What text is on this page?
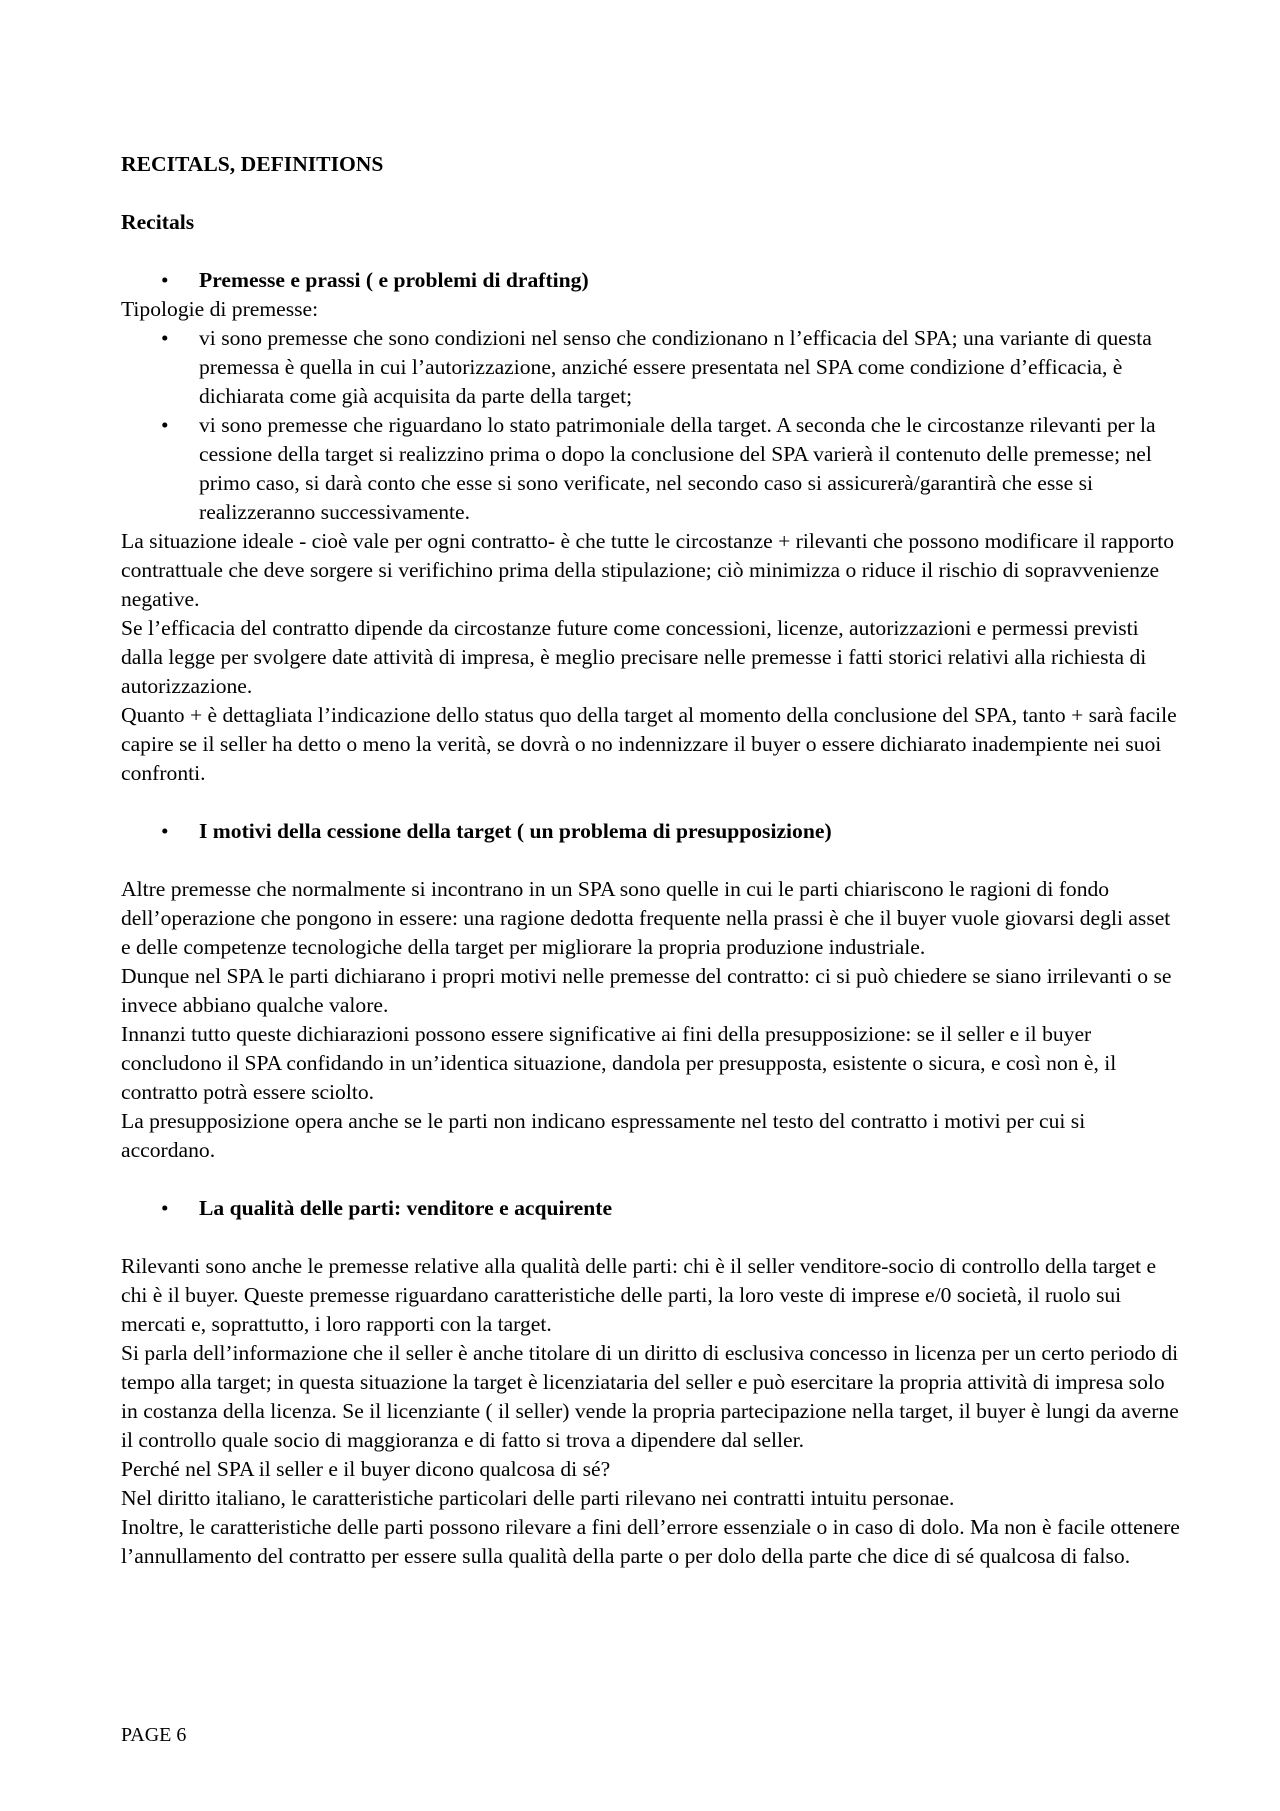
RECITALS, DEFINITIONS

Recitals

• Premesse e prassi ( e problemi di drafting)

Tipologie di premesse:

• vi sono premesse che sono condizioni nel senso che condizionano n l’efficacia del SPA; una variante di questa premessa è quella in cui l’autorizzazione, anziché essere presentata nel SPA come condizione d’efficacia, è dichiarata come già acquisita da parte della target;
• vi sono premesse che riguardano lo stato patrimoniale della target. A seconda che le circostanze rilevanti per la cessione della target si realizzino prima o dopo la conclusione del SPA varierà il contenuto delle premesse; nel primo caso, si darà conto che esse si sono verificate, nel secondo caso si assicurerà/garantirà che esse si realizzeranno successivamente.

La situazione ideale - cioè vale per ogni contratto- è che tutte le circostanze + rilevanti che possono modificare il rapporto contrattuale che deve sorgere si verifichino prima della stipulazione; ciò minimizza o riduce il rischio di sopravvenienze negative.

Se l’efficacia del contratto dipende da circostanze future come concessioni, licenze, autorizzazioni e permessi previsti dalla legge per svolgere date attività di impresa, è meglio precisare nelle premesse i fatti storici relativi alla richiesta di autorizzazione.

Quanto + è dettagliata l’indicazione dello status quo della target al momento della conclusione del SPA, tanto + sarà facile capire se il seller ha detto o meno la verità, se dovrà o no indennizzare il buyer o essere dichiarato inadempiente nei suoi confronti.

• I motivi della cessione della target ( un problema di presupposizione)

Altre premesse che normalmente si incontrano in un SPA sono quelle in cui le parti chiariscono le ragioni di fondo dell’operazione che pongono in essere: una ragione dedotta frequente nella prassi è che il buyer vuole giovarsi degli asset e delle competenze tecnologiche della target per migliorare la propria produzione industriale.

Dunque nel SPA le parti dichiarano i propri motivi nelle premesse del contratto: ci si può chiedere se siano irrilevanti o se invece abbiano qualche valore.

Innanzi tutto queste dichiarazioni possono essere significative ai fini della presupposizione: se il seller e il buyer concludono il SPA confidando in un’identica situazione, dandola per presupposta, esistente o sicura, e così non è, il contratto potrà essere sciolto.

La presupposizione opera anche se le parti non indicano espressamente nel testo del contratto i motivi per cui si accordano.

• La qualità delle parti: venditore e acquirente

Rilevanti sono anche le premesse relative alla qualità delle parti: chi è il seller venditore-socio di controllo della target e chi è il buyer. Queste premesse riguardano caratteristiche delle parti, la loro veste di imprese e/0 società, il ruolo sui mercati e, soprattutto, i loro rapporti con la target.

Si parla dell’informazione che il seller è anche titolare di un diritto di esclusiva concesso in licenza per un certo periodo di tempo alla target; in questa situazione la target è licenziataria del seller e può esercitare la propria attività di impresa solo in costanza della licenza. Se il licenziante ( il seller) vende la propria partecipazione nella target, il buyer è lungi da averne il controllo quale socio di maggioranza e di fatto si trova a dipendere dal seller.

Perché nel SPA il seller e il buyer dicono qualcosa di sé?

Nel diritto italiano, le caratteristiche particolari delle parti rilevano nei contratti intuitu personae.

Inoltre, le caratteristiche delle parti possono rilevare a fini dell’errore essenziale o in caso di dolo. Ma non è facile ottenere l’annullamento del contratto per essere sulla qualità della parte o per dolo della parte che dice di sé qualcosa di falso.

PAGE 6
